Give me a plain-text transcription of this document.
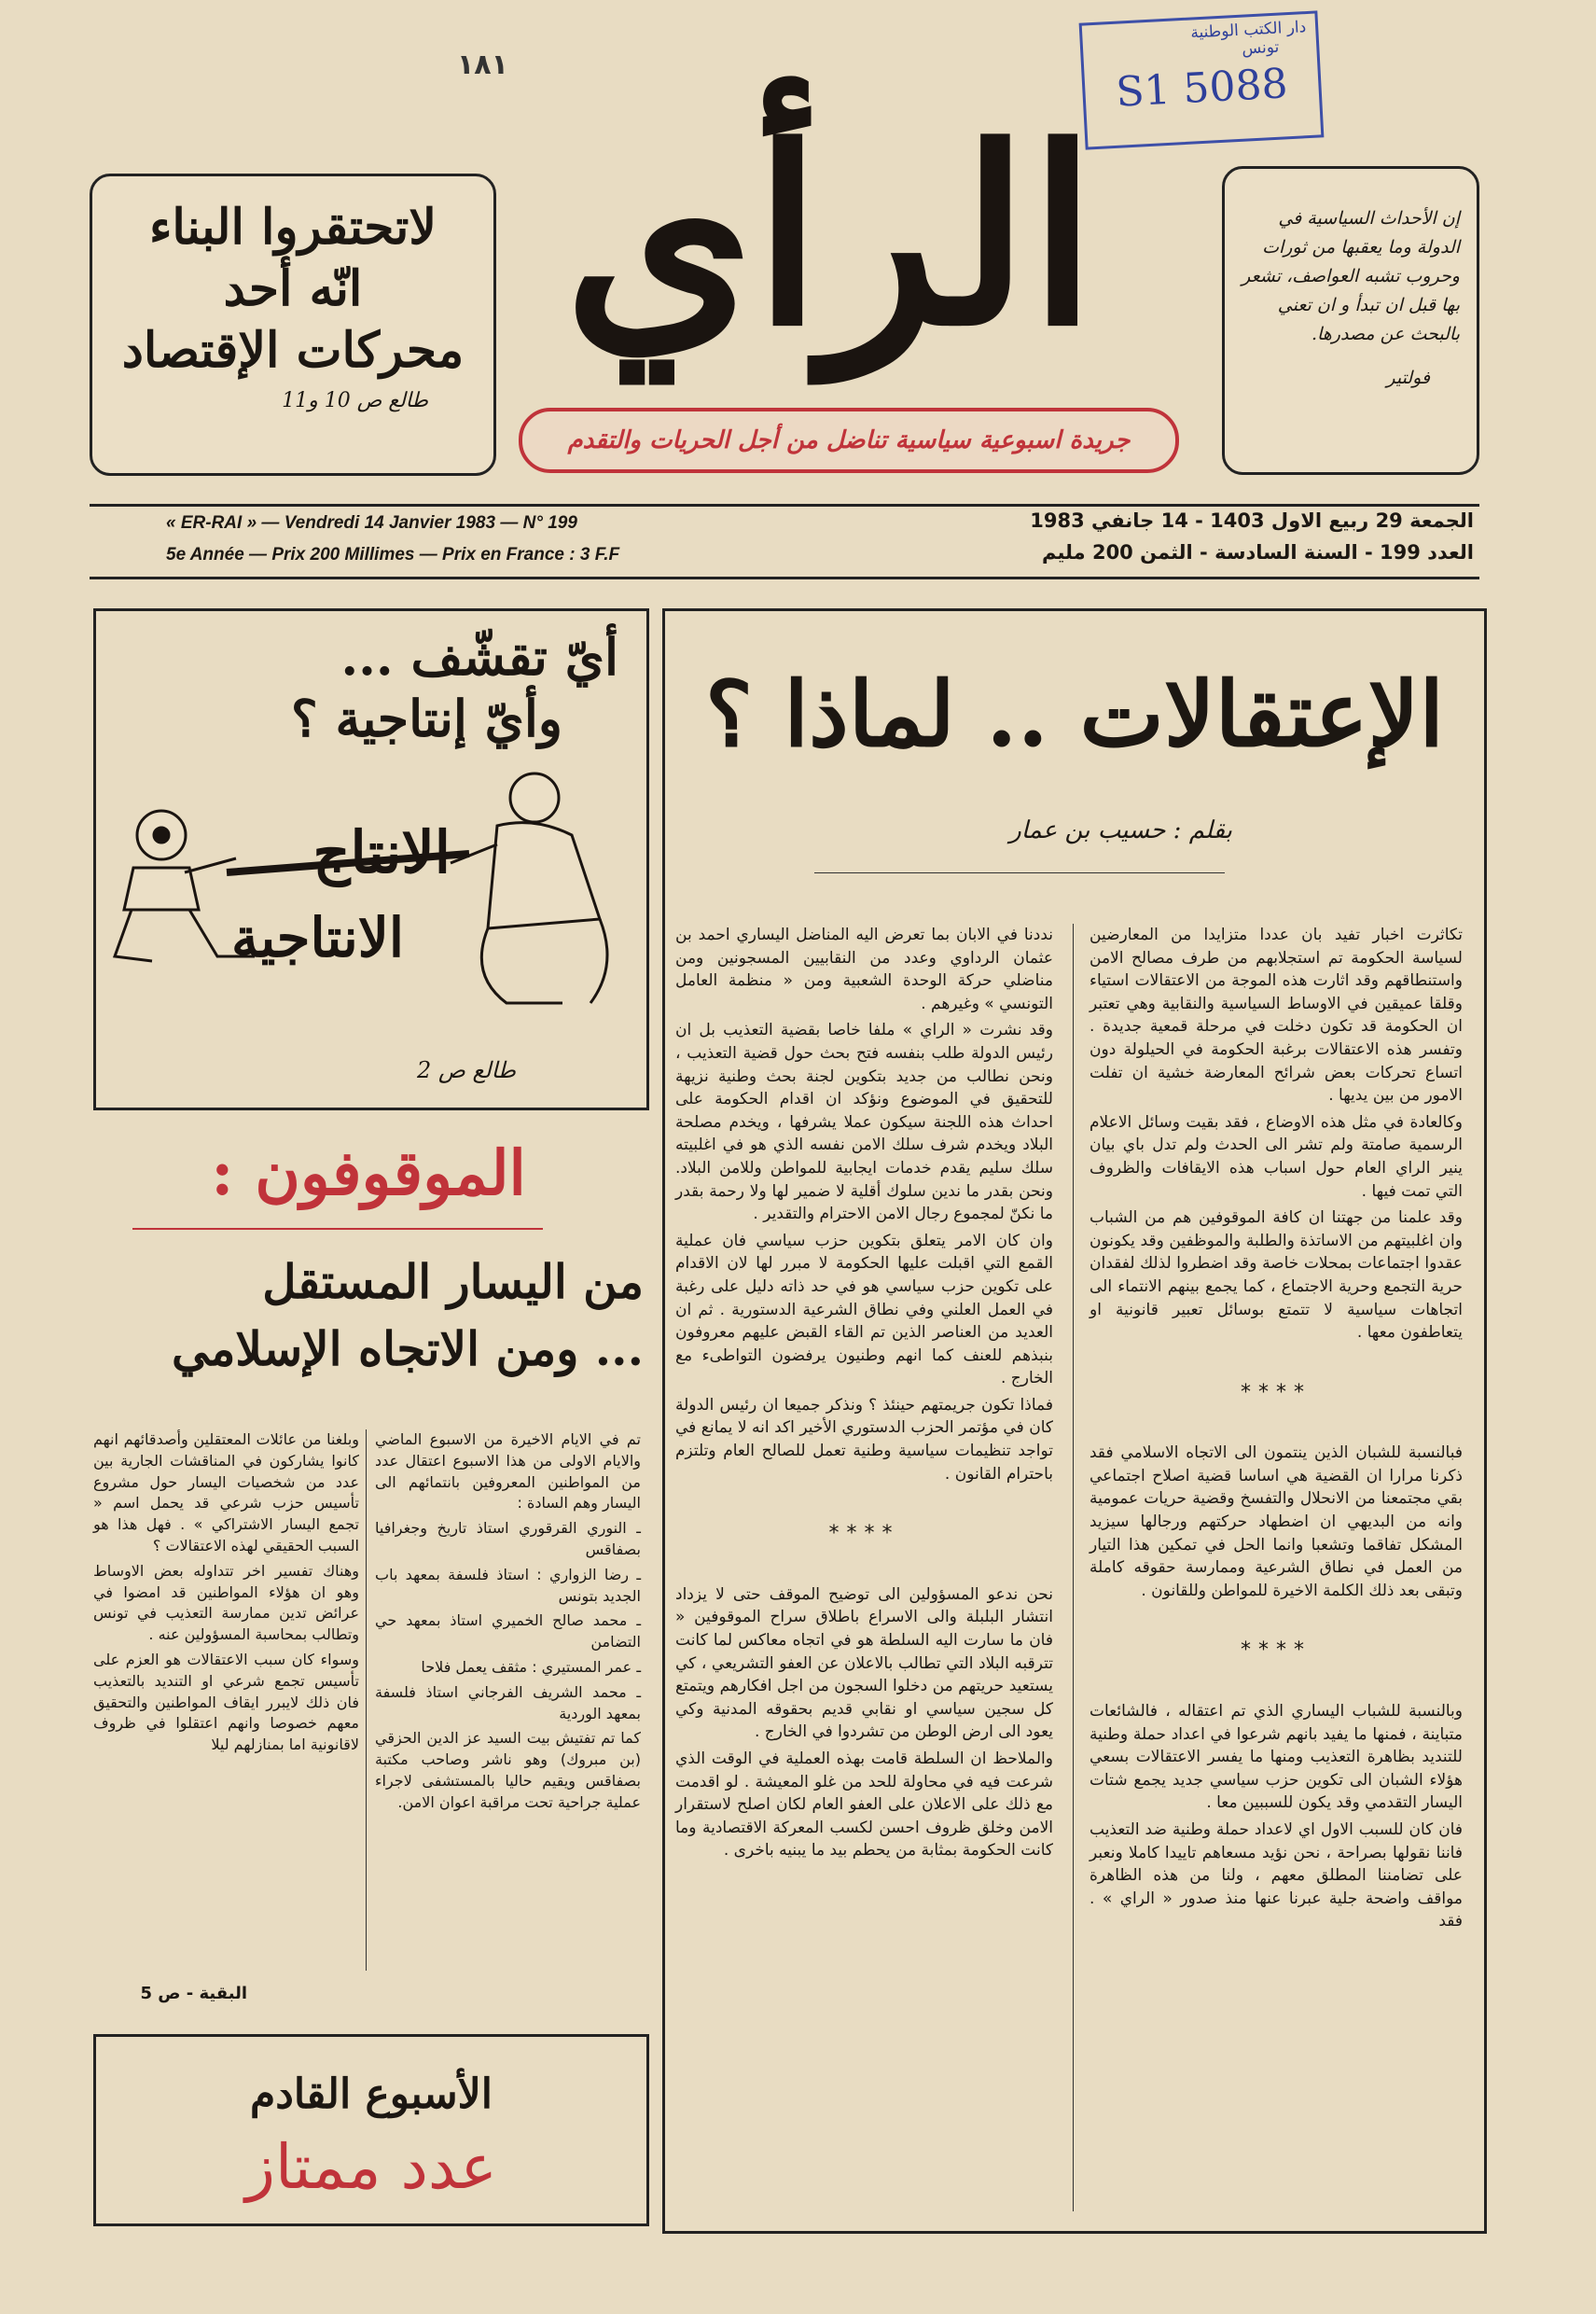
١٨١
دار الكتب الوطنية
تونس
S1 5088
إن الأحداث السياسية في الدولة وما يعقبها من ثورات وحروب تشبه العواصف، تشعر بها قبل ان تبدأ و ان تعني بالبحث عن مصدرها.
فولتير
الرأي
جريدة اسبوعية سياسية تناضل من أجل الحريات والتقدم
لاتحتقروا البناء
انّه أحد
محركات الإقتصاد
طالع ص 10 و11
« ER-RAI » — Vendredi 14 Janvier 1983 — N° 199
5e Année — Prix 200 Millimes — Prix en France : 3 F.F
الجمعة 29 ربيع الاول 1403 - 14 جانفي 1983
العدد 199 - السنة السادسة - الثمن 200 مليم
أيّ تقشّف ...
وأيّ إنتاجية ؟
الانتاج
الانتاجية
طالع ص 2
الموقوفون :
من اليسار المستقل
... ومن الاتجاه الإسلامي

تم في الايام الاخيرة من الاسبوع الماضي والايام الاولى من هذا الاسبوع اعتقال عدد من المواطنين المعروفين بانتمائهم الى اليسار وهم السادة :

ـ النوري القرقوري استاذ تاريخ وجغرافيا بصفاقس

ـ رضا الزواري : استاذ فلسفة بمعهد باب الجديد بتونس

ـ محمد صالح الخميري استاذ بمعهد حي التضامن

ـ عمر المستيري : مثقف يعمل فلاحا

ـ محمد الشريف الفرجاني استاذ فلسفة بمعهد الوردية

كما تم تفتيش بيت السيد عز الدين الحزقي (بن مبروك) وهو ناشر وصاحب مكتبة بصفاقس ويقيم حاليا بالمستشفى لاجراء عملية جراحية تحت مراقبة اعوان الامن.

وبلغنا من عائلات المعتقلين وأصدقائهم انهم كانوا يشاركون في المناقشات الجارية بين عدد من شخصيات اليسار حول مشروع تأسيس حزب شرعي قد يحمل اسم « تجمع اليسار الاشتراكي » . فهل هذا هو السبب الحقيقي لهذه الاعتقالات ؟

وهناك تفسير اخر تتداوله بعض الاوساط وهو ان هؤلاء المواطنين قد امضوا في عرائض تدين ممارسة التعذيب في تونس وتطالب بمحاسبة المسؤولين عنه .

وسواء كان سبب الاعتقالات هو العزم على تأسيس تجمع شرعي او التنديد بالتعذيب فان ذلك لايبرر ايقاف المواطنين والتحقيق معهم خصوصا وانهم اعتقلوا في ظروف لاقانونية اما بمنازلهم ليلا

البقية - ص 5
الأسبوع القادم
عدد ممتاز
الإعتقالات .. لماذا ؟
بقلم : حسيب بن عمار

تكاثرت اخبار تفيد بان عددا متزايدا من المعارضين لسياسة الحكومة تم استجلابهم من طرف مصالح الامن واستنطاقهم وقد اثارت هذه الموجة من الاعتقالات استياء وقلقا عميقين في الاوساط السياسية والنقابية وهي تعتبر ان الحكومة قد تكون دخلت في مرحلة قمعية جديدة . وتفسر هذه الاعتقالات برغبة الحكومة في الحيلولة دون اتساع تحركات بعض شرائح المعارضة خشية ان تفلت الامور من بين يديها .

وكالعادة في مثل هذه الاوضاع ، فقد بقيت وسائل الاعلام الرسمية صامتة ولم تشر الى الحدث ولم تدل باي بيان ينير الراي العام حول اسباب هذه الايقافات والظروف التي تمت فيها .

وقد علمنا من جهتنا ان كافة الموقوفين هم من الشباب وان اغلبيتهم من الاساتذة والطلبة والموظفين وقد يكونون عقدوا اجتماعات بمحلات خاصة وقد اضطروا لذلك لفقدان حرية التجمع وحرية الاجتماع ، كما يجمع بينهم الانتماء الى اتجاهات سياسية لا تتمتع بوسائل تعبير قانونية او يتعاطفون معها .

****

فبالنسبة للشبان الذين ينتمون الى الاتجاه الاسلامي فقد ذكرنا مرارا ان القضية هي اساسا قضية اصلاح اجتماعي بقي مجتمعنا من الانحلال والتفسخ وقضية حريات عمومية وانه من البديهي ان اضطهاد حركتهم ورجالها سيزيد المشكل تفاقما وتشعبا وانما الحل في تمكين هذا التيار من العمل في نطاق الشرعية وممارسة حقوقه كاملة وتبقى بعد ذلك الكلمة الاخيرة للمواطن وللقانون .

****

وبالنسبة للشباب اليساري الذي تم اعتقاله ، فالشائعات متباينة ، فمنها ما يفيد بانهم شرعوا في اعداد حملة وطنية للتنديد بظاهرة التعذيب ومنها ما يفسر الاعتقالات بسعي هؤلاء الشبان الى تكوين حزب سياسي جديد يجمع شتات اليسار التقدمي وقد يكون للسببين معا .

فان كان للسبب الاول اي لاعداد حملة وطنية ضد التعذيب فاننا نقولها بصراحة ، نحن نؤيد مسعاهم تاييدا كاملا ونعبر على تضامننا المطلق معهم ، ولنا من هذه الظاهرة مواقف واضحة جلية عبرنا عنها منذ صدور « الراي » . فقد

نددنا في الابان بما تعرض اليه المناضل اليساري احمد بن عثمان الرداوي وعدد من النقابيين المسجونين ومن مناضلي حركة الوحدة الشعبية ومن « منظمة العامل التونسي » وغيرهم .

وقد نشرت « الراي » ملفا خاصا بقضية التعذيب بل ان رئيس الدولة طلب بنفسه فتح بحث حول قضية التعذيب ، ونحن نطالب من جديد بتكوين لجنة بحث وطنية نزيهة للتحقيق في الموضوع ونؤكد ان اقدام الحكومة على احداث هذه اللجنة سيكون عملا يشرفها ، ويخدم مصلحة البلاد ويخدم شرف سلك الامن نفسه الذي هو في اغلبيته سلك سليم يقدم خدمات ايجابية للمواطن وللامن البلاد. ونحن بقدر ما ندين سلوك أقلية لا ضمير لها ولا رحمة بقدر ما نكنّ لمجموع رجال الامن الاحترام والتقدير .

وان كان الامر يتعلق بتكوين حزب سياسي فان عملية القمع التي اقبلت عليها الحكومة لا مبرر لها لان الاقدام على تكوين حزب سياسي هو في حد ذاته دليل على رغبة في العمل العلني وفي نطاق الشرعية الدستورية . ثم ان العديد من العناصر الذين تم القاء القبض عليهم معروفون بنبذهم للعنف كما انهم وطنيون يرفضون التواطىء مع الخارج .

فماذا تكون جريمتهم حينئذ ؟ ونذكر جميعا ان رئيس الدولة كان في مؤتمر الحزب الدستوري الأخير اكد انه لا يمانع في تواجد تنظيمات سياسية وطنية تعمل للصالح العام وتلتزم باحترام القانون .

****

نحن ندعو المسؤولين الى توضيح الموقف حتى لا يزداد انتشار البلبلة والى الاسراع باطلاق سراح الموقوفين « فان ما سارت اليه السلطة هو في اتجاه معاكس لما كانت تترقبه البلاد التي تطالب بالاعلان عن العفو التشريعي ، كي يستعيد حريتهم من دخلوا السجون من اجل افكارهم ويتمتع كل سجين سياسي او نقابي قديم بحقوقه المدنية وكي يعود الى ارض الوطن من تشردوا في الخارج .

والملاحظ ان السلطة قامت بهذه العملية في الوقت الذي شرعت فيه في محاولة للحد من غلو المعيشة . لو اقدمت مع ذلك على الاعلان على العفو العام لكان اصلح لاستقرار الامن وخلق ظروف احسن لكسب المعركة الاقتصادية وما كانت الحكومة بمثابة من يحطم بيد ما يبنيه باخرى .
